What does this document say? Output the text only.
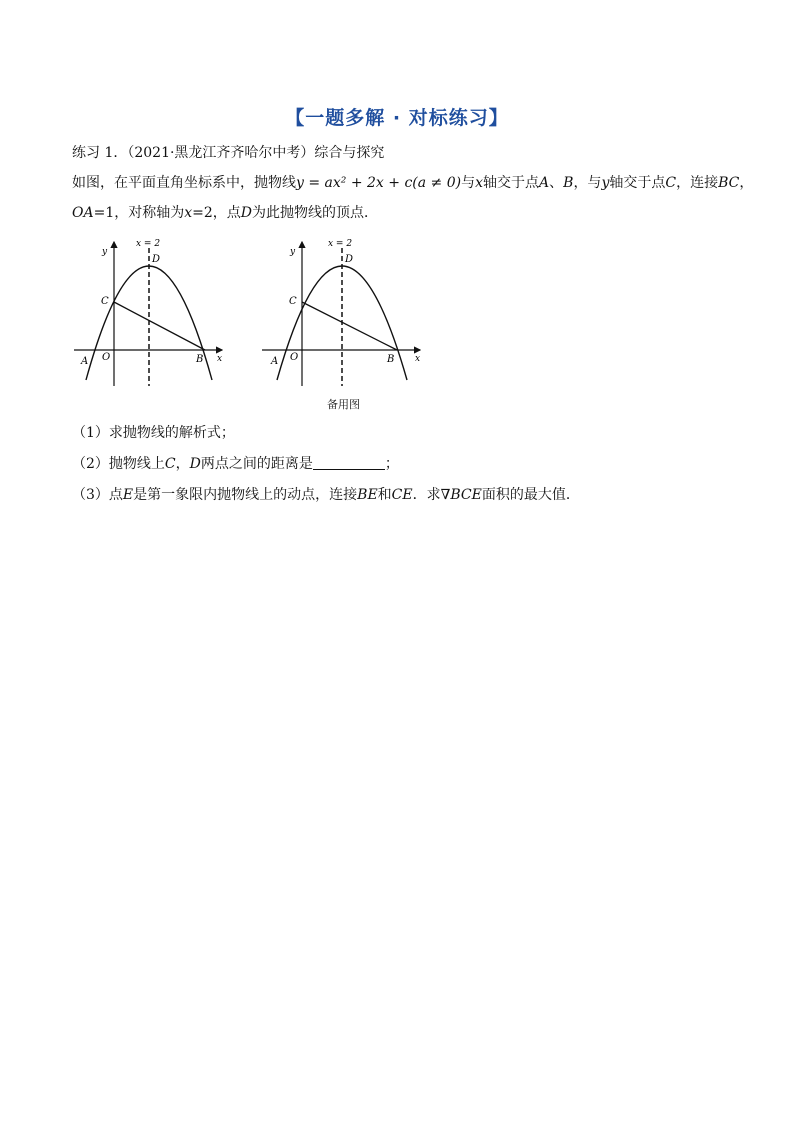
【一题多解 · 对标练习】
练习 1．（2021·黑龙江齐齐哈尔中考）综合与探究
如图，在平面直角坐标系中，抛物线y = ax² + 2x + c(a ≠ 0)与x轴交于点A、B，与y轴交于点C，连接BC，
OA=1，对称轴为x=2，点D为此抛物线的顶点．
x = 2
y
x
D
C
O
A	B
x = 2
y
x
D
C
O
A	B
备用图
（1）求抛物线的解析式；
（2）抛物线上C，D两点之间的距离是	；
（3）点E是第一象限内抛物线上的动点，连接BE和CE．求∇BCE面积的最大值．
